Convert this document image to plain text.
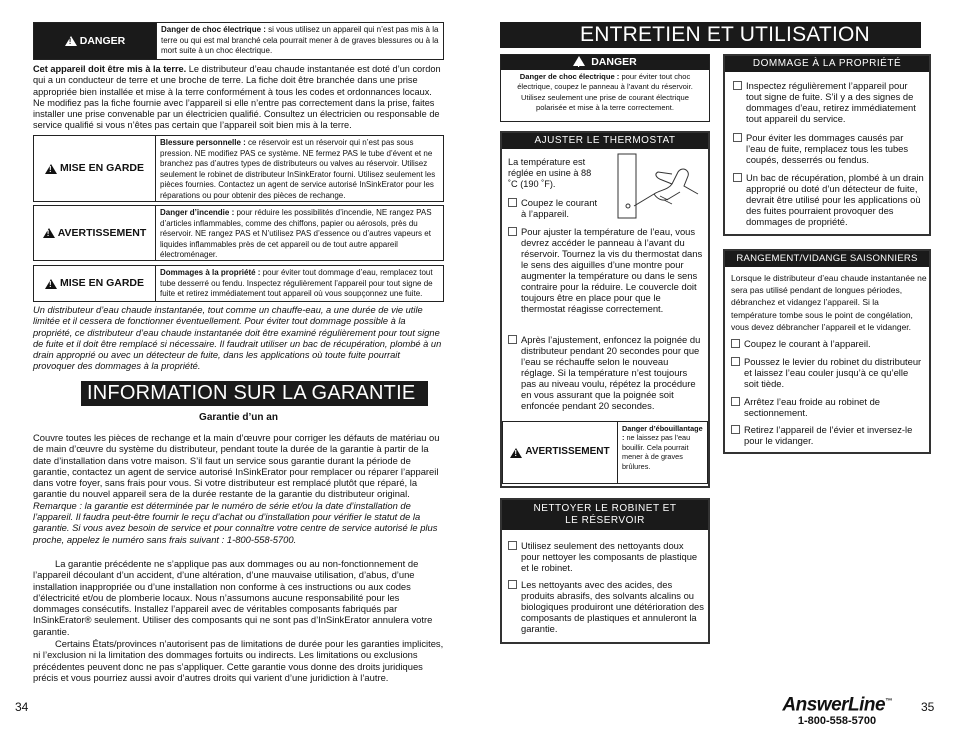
!
DANGER
Danger de choc électrique : si vous utilisez un appareil qui n’est pas mis à la terre ou qui est mal branché cela pourrait mener à de graves blessures ou à la mort suite à un choc électrique.
Cet appareil doit être mis à la terre. Le distributeur d’eau chaude instantanée est doté d’un cordon qui a un conducteur de terre et une broche de terre. La fiche doit être branchée dans une prise appropriée bien installée et mise à la terre conformément à tous les codes et ordonnances locaux. Ne modifiez pas la fiche fournie avec l’appareil si elle n’entre pas correctement dans la prise, faites installer une prise convenable par un électricien qualifié. Consultez un électricien ou responsable de service qualifié si vous n’êtes pas certain que l’appareil soit bien mis à la terre.
!
MISE EN GARDE
Blessure personnelle : ce réservoir est un réservoir qui n’est pas sous pression. NE modifiez PAS ce système. NE fermez PAS le tube d’évent et ne branchez pas d’autres types de distributeurs ou valves au réservoir. Utilisez seulement le robinet de distributeur InSinkErator fourni. Utilisez seulement les pièces fournies. Contactez un agent de service autorisé InSinkErator pour les réparations ou pour obtenir des pièces de rechange.
!
AVERTISSEMENT
Danger d’incendie : pour réduire les possibilités d’incendie, NE rangez PAS d’articles inflammables, comme des chiffons, papier ou aérosols, près du réservoir. NE rangez PAS et N’utilisez PAS d’essence ou d’autres vapeurs et liquides inflammables près de cet appareil ou de tout autre appareil électroménager.
!
MISE EN GARDE
Dommages à la propriété : pour éviter tout dommage d’eau, remplacez tout tube desserré ou fendu. Inspectez régulièrement l’appareil pour tout signe de fuite et retirez immédiatement tout appareil où vous soupçonnez une fuite.
Un distributeur d’eau chaude instantanée, tout comme un chauffe-eau, a une durée de vie utile limitée et il cessera de fonctionner éventuellement. Pour éviter tout dommage possible à la propriété, ce distributeur d’eau chaude instantanée doit être examiné régulièrement pour tout signe de fuite et il doit être remplacé si nécessaire. Il faudrait utiliser un bac de récupération, plombé à un drain approprié ou avec un détecteur de fuite, dans les applications où toute fuite pourrait provoquer des dommages à la propriété.
INFORMATION SUR LA GARANTIE
Garantie d’un an
Couvre toutes les pièces de rechange et la main d’œuvre pour corriger les défauts de matériau ou de main d’œuvre du système du distributeur, pendant toute la durée de la garantie à partir de la date d’installation dans votre maison. S’il faut un service sous garantie durant la période de garantie, contactez un agent de service autorisé InSinkErator pour remplacer ou réparer l’appareil dans votre foyer, sans frais pour vous. Si votre distributeur est remplacé plutôt que réparé, la garantie du nouvel appareil sera de la durée restante de la garantie du distributeur original. Remarque : la garantie est déterminée par le numéro de série et/ou la date d’installation de l’appareil. Il faudra peut-être fournir le reçu d’achat ou d’installation pour vérifier le statut de la garantie. Si vous avez besoin de service et pour connaître votre centre de service autorisé le plus proche, appelez le numéro sans frais suivant : 1-800-558-5700.
La garantie précédente ne s’applique pas aux dommages ou au non-fonctionnement de l’appareil découlant d’un accident, d’une altération, d’une mauvaise utilisation, d’abus, d’une installation inappropriée ou d’une installation non conforme à ces instructions ou aux codes d’électricité et/ou de plomberie locaux. Nous n’assumons aucune responsabilité pour les dommages consécutifs. Installez l’appareil avec de véritables composants fabriqués par InSinkErator® seulement. Utiliser des composants qui ne sont pas d’InSinkErator annulera votre garantie.
Certains États/provinces n’autorisent pas de limitations de durée pour les garanties implicites, ni l’exclusion ni la limitation des dommages fortuits ou indirects. Les limitations ou exclusions précédentes peuvent donc ne pas s’appliquer. Cette garantie vous donne des droits juridiques précis et vous pourriez aussi avoir d’autres droits qui varient d’une juridiction à l’autre.
34
ENTRETIEN ET UTILISATION
! DANGER
Danger de choc électrique : pour éviter tout choc électrique, coupez le panneau à l’avant du réservoir. Utilisez seulement une prise de courant électrique polarisée et mise à la terre correctement.
AJUSTER LE THERMOSTAT
La température est réglée en usine à 88 ˚C (190 ˚F).
Coupez le courant à l’appareil.
Pour ajuster la température de l’eau, vous devrez accéder le panneau à l’avant du réservoir. Tournez la vis du thermostat dans le sens des aiguilles d’une montre pour augmenter la température ou dans le sens contraire pour la réduire. Le couvercle doit toujours être en place pour que le thermostat réagisse correctement.
Après l’ajustement, enfoncez la poignée du distributeur pendant 20 secondes pour que l’eau se réchauffe selon le nouveau réglage. Si la température n’est toujours pas au niveau voulu, répétez la procédure en vous assurant que la poignée soit enfoncée pendant 20 secondes.
!
AVERTISSEMENT
Danger d’ébouillantage : ne laissez pas l’eau bouillir. Cela pourrait mener à de graves brûlures.
NETTOYER LE ROBINET ET
LE RÉSERVOIR
Utilisez seulement des nettoyants doux pour nettoyer les composants de plastique et le robinet.
Les nettoyants avec des acides, des produits abrasifs, des solvants alcalins ou biologiques produiront une détérioration des composants de plastiques et annuleront la garantie.
DOMMAGE À LA PROPRIÉTÉ
Inspectez régulièrement l’appareil pour tout signe de fuite. S’il y a des signes de dommages d’eau, retirez immédiatement tout appareil du service.
Pour éviter les dommages causés par l’eau de fuite, remplacez tous les tubes coupés, desserrés ou fendus.
Un bac de récupération, plombé à un drain approprié ou doté d’un détecteur de fuite, devrait être utilisé pour les applications où des fuites pourraient provoquer des dommages de propriété.
RANGEMENT/VIDANGE SAISONNIERS
Lorsque le distributeur d’eau chaude instantanée ne sera pas utilisé pendant de longues périodes, débranchez et vidangez l’appareil. Si la température tombe sous le point de congélation, vous devez débrancher l’appareil et le vidanger.
Coupez le courant à l’appareil.
Poussez le levier du robinet du distributeur et laissez l’eau couler jusqu’à ce qu’elle soit tiède.
Arrêtez l’eau froide au robinet de sectionnement.
Retirez l’appareil de l’évier et inversez-le pour le vidanger.
AnswerLine™
1-800-558-5700
35
